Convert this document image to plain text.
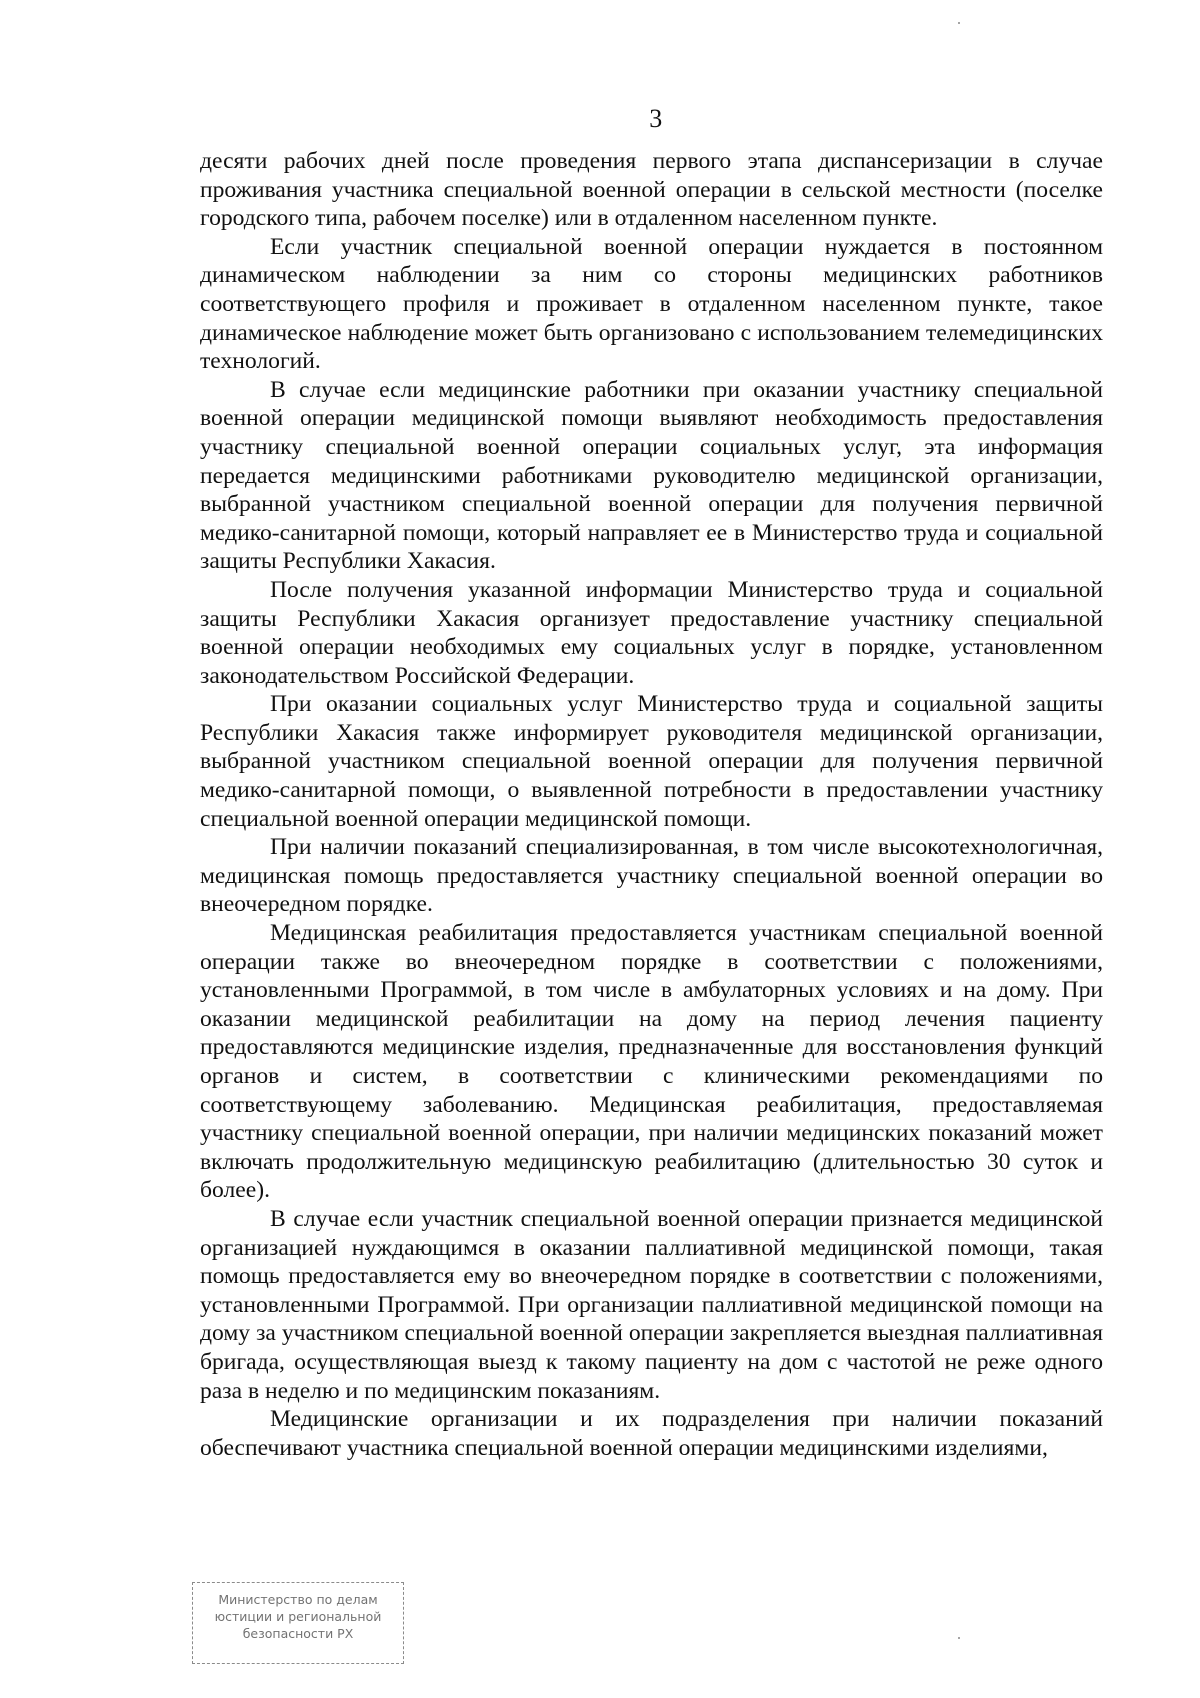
3

десяти рабочих дней после проведения первого этапа диспансеризации в случае проживания участника специальной военной операции в сельской местности (поселке городского типа, рабочем поселке) или в отдаленном населенном пункте.

Если участник специальной военной операции нуждается в постоянном динамическом наблюдении за ним со стороны медицинских работников соответствующего профиля и проживает в отдаленном населенном пункте, такое динамическое наблюдение может быть организовано с использованием телемедицинских технологий.

В случае если медицинские работники при оказании участнику специальной военной операции медицинской помощи выявляют необходимость предоставления участнику специальной военной операции социальных услуг, эта информация передается медицинскими работниками руководителю медицинской организации, выбранной участником специальной военной операции для получения первичной медико-санитарной помощи, который направляет ее в Министерство труда и социальной защиты Республики Хакасия.

После получения указанной информации Министерство труда и социальной защиты Республики Хакасия организует предоставление участнику специальной военной операции необходимых ему социальных услуг в порядке, установленном законодательством Российской Федерации.

При оказании социальных услуг Министерство труда и социальной защиты Республики Хакасия также информирует руководителя медицинской организации, выбранной участником специальной военной операции для получения первичной медико-санитарной помощи, о выявленной потребности в предоставлении участнику специальной военной операции медицинской помощи.

При наличии показаний специализированная, в том числе высокотехнологичная, медицинская помощь предоставляется участнику специальной военной операции во внеочередном порядке.

Медицинская реабилитация предоставляется участникам специальной военной операции также во внеочередном порядке в соответствии с положениями, установленными Программой, в том числе в амбулаторных условиях и на дому. При оказании медицинской реабилитации на дому на период лечения пациенту предоставляются медицинские изделия, предназначенные для восстановления функций органов и систем, в соответствии с клиническими рекомендациями по соответствующему заболеванию. Медицинская реабилитация, предоставляемая участнику специальной военной операции, при наличии медицинских показаний может включать продолжительную медицинскую реабилитацию (длительностью 30 суток и более).

В случае если участник специальной военной операции признается медицинской организацией нуждающимся в оказании паллиативной медицинской помощи, такая помощь предоставляется ему во внеочередном порядке в соответствии с положениями, установленными Программой. При организации паллиативной медицинской помощи на дому за участником специальной военной операции закрепляется выездная паллиативная бригада, осуществляющая выезд к такому пациенту на дом с частотой не реже одного раза в неделю и по медицинским показаниям.

Медицинские организации и их подразделения при наличии показаний обеспечивают участника специальной военной операции медицинскими изделиями,

Министерство по делам
юстиции и региональной
безопасности РХ
